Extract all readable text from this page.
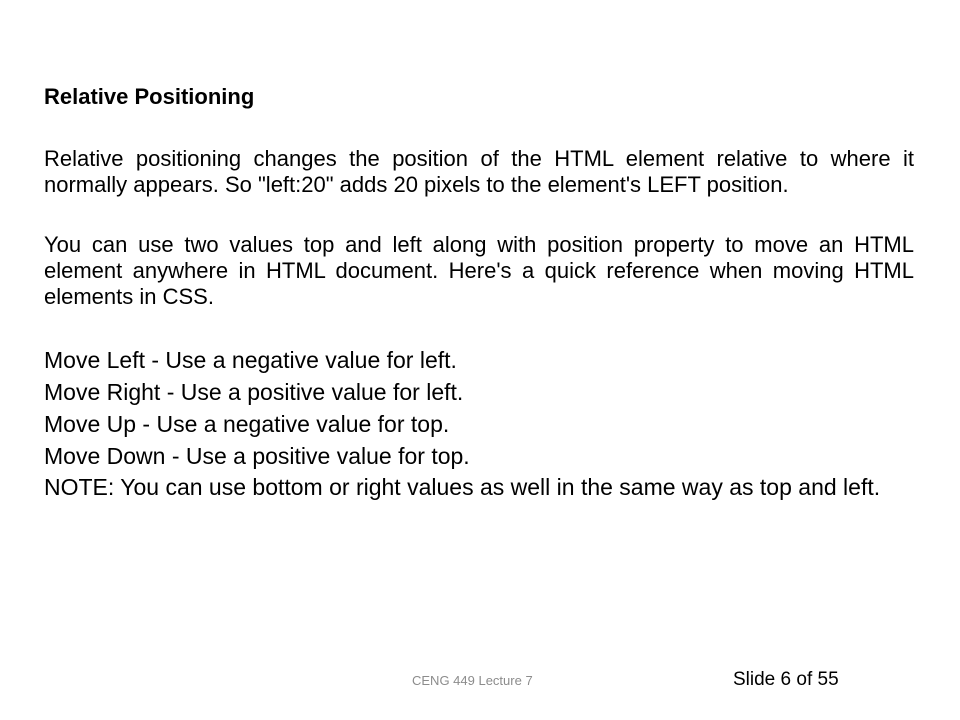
Relative Positioning

Relative positioning changes the position of the HTML element relative to where it normally appears. So "left:20" adds 20 pixels to the element's LEFT position.

You can use two values top and left along with position property to move an HTML element anywhere in HTML document. Here's a quick reference when moving HTML elements in CSS.

Move Left - Use a negative value for left.
Move Right - Use a positive value for left.
Move Up - Use a negative value for top.
Move Down - Use a positive value for top.

NOTE: You can use bottom or right values as well in the same way as top and left.

CENG 449 Lecture 7	Slide 6 of 55
